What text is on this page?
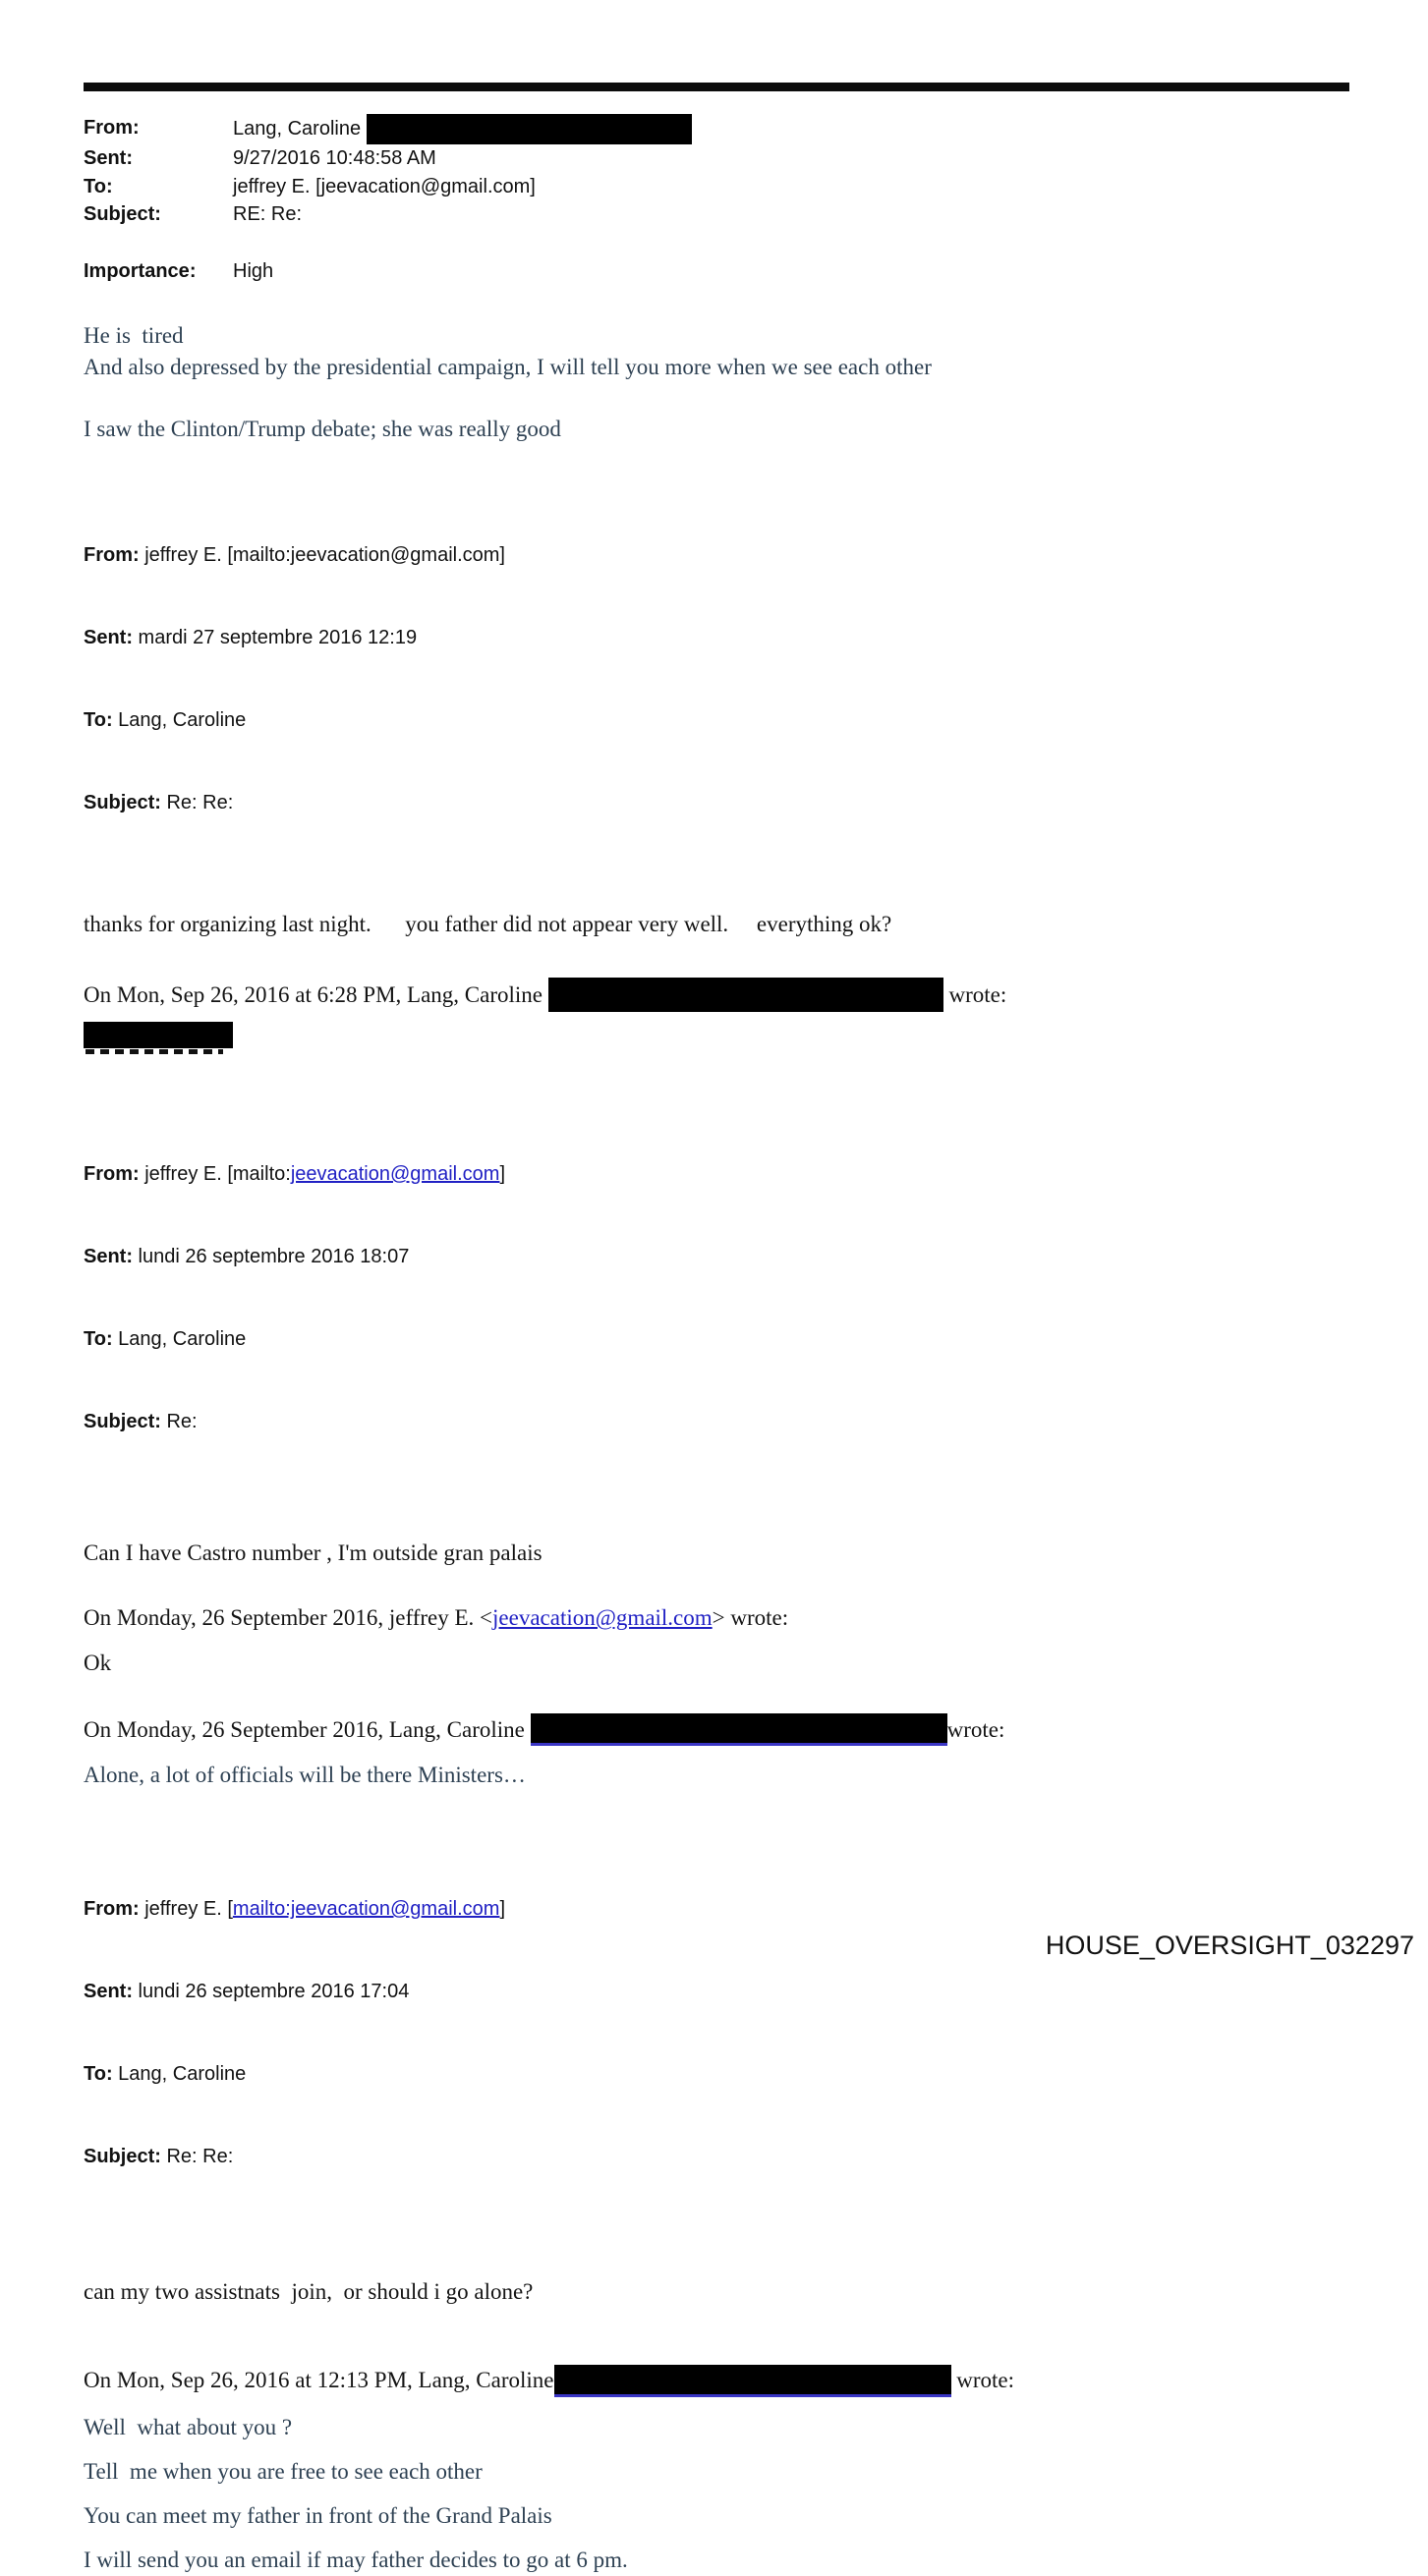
From:	Lang, Caroline
Sent:	9/27/2016 10:48:58 AM
To:	jeffrey E. [jeevacation@gmail.com]
Subject:	RE: Re:
Importance:	High
He is  tired
And also depressed by the presidential campaign, I will tell you more when we see each other
I saw the Clinton/Trump debate; she was really good

From: jeffrey E. [mailto:jeevacation@gmail.com]

Sent: mardi 27 septembre 2016 12:19

To: Lang, Caroline

Subject: Re: Re:

thanks for organizing last night.      you father did not appear very well.     everything ok?
On Mon, Sep 26, 2016 at 6:28 PM, Lang, Caroline	wrote:

From: jeffrey E. [mailto:jeevacation@gmail.com]

Sent: lundi 26 septembre 2016 18:07

To: Lang, Caroline

Subject: Re:

Can I have Castro number , I'm outside gran palais
On Monday, 26 September 2016, jeffrey E. <jeevacation@gmail.com> wrote:
Ok
On Monday, 26 September 2016, Lang, Caroline	wrote:
Alone, a lot of officials will be there Ministers…

From: jeffrey E. [mailto:jeevacation@gmail.com]

Sent: lundi 26 septembre 2016 17:04

To: Lang, Caroline

Subject: Re: Re:

can my two assistnats  join,  or should i go alone?
On Mon, Sep 26, 2016 at 12:13 PM, Lang, Caroline	wrote:
Well  what about you ?
Tell  me when you are free to see each other
You can meet my father in front of the Grand Palais
I will send you an email if may father decides to go at 6 pm.
HOUSE_OVERSIGHT_032297
